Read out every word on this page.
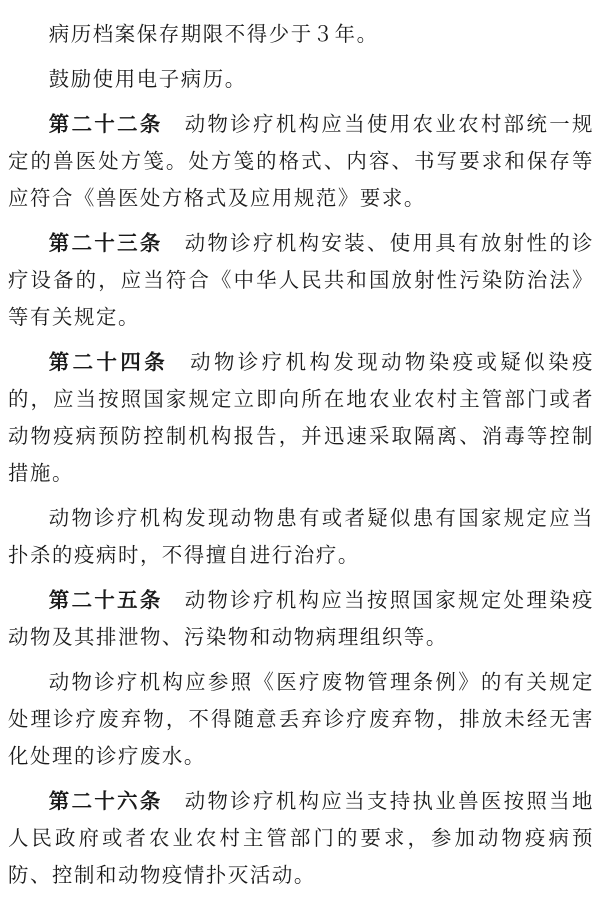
病历档案保存期限不得少于３年。

鼓励使用电子病历。

第二十二条 动物诊疗机构应当使用农业农村部统一规定的兽医处方笺。处方笺的格式、内容、书写要求和保存等应符合《兽医处方格式及应用规范》要求。

第二十三条 动物诊疗机构安装、使用具有放射性的诊疗设备的，应当符合《中华人民共和国放射性污染防治法》等有关规定。

第二十四条 动物诊疗机构发现动物染疫或疑似染疫的，应当按照国家规定立即向所在地农业农村主管部门或者动物疫病预防控制机构报告，并迅速采取隔离、消毒等控制措施。

动物诊疗机构发现动物患有或者疑似患有国家规定应当扑杀的疫病时，不得擅自进行治疗。

第二十五条 动物诊疗机构应当按照国家规定处理染疫动物及其排泄物、污染物和动物病理组织等。

动物诊疗机构应参照《医疗废物管理条例》的有关规定处理诊疗废弃物，不得随意丢弃诊疗废弃物，排放未经无害化处理的诊疗废水。

第二十六条 动物诊疗机构应当支持执业兽医按照当地人民政府或者农业农村主管部门的要求，参加动物疫病预防、控制和动物疫情扑灭活动。
